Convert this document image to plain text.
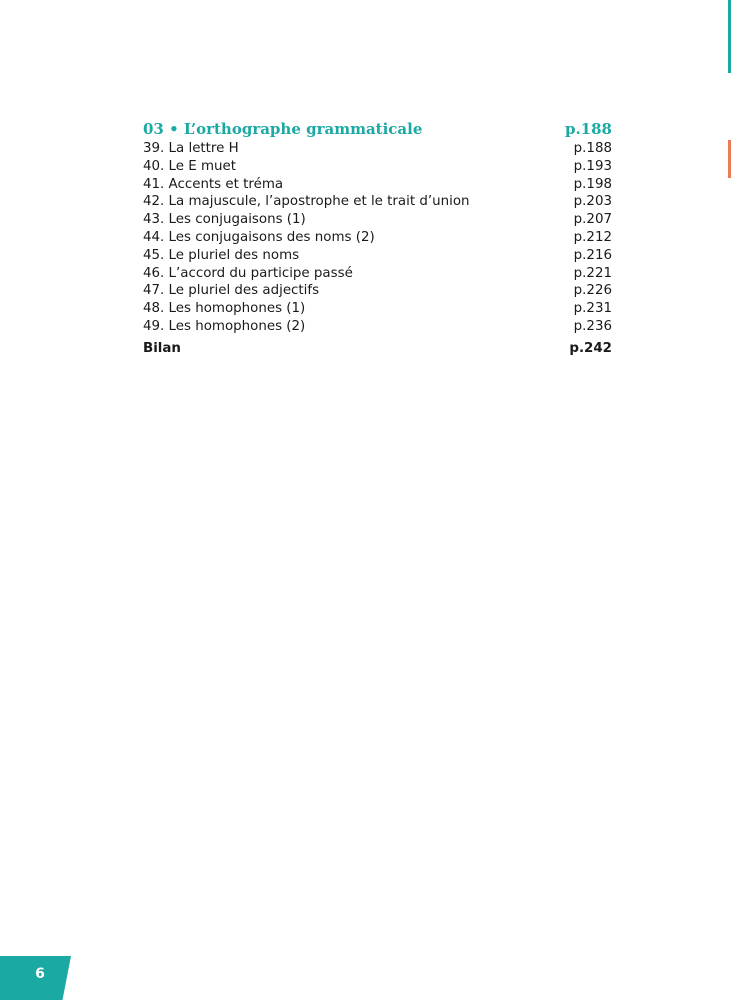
03 • L’orthographe grammaticale	p.188
39. La lettre H	p.188
40. Le E muet	p.193
41. Accents et tréma	p.198
42. La majuscule, l’apostrophe et le trait d’union	p.203
43. Les conjugaisons (1)	p.207
44. Les conjugaisons des noms (2)	p.212
45. Le pluriel des noms	p.216
46. L’accord du participe passé	p.221
47. Le pluriel des adjectifs	p.226
48. Les homophones (1)	p.231
49. Les homophones (2)	p.236
Bilan	p.242
6
